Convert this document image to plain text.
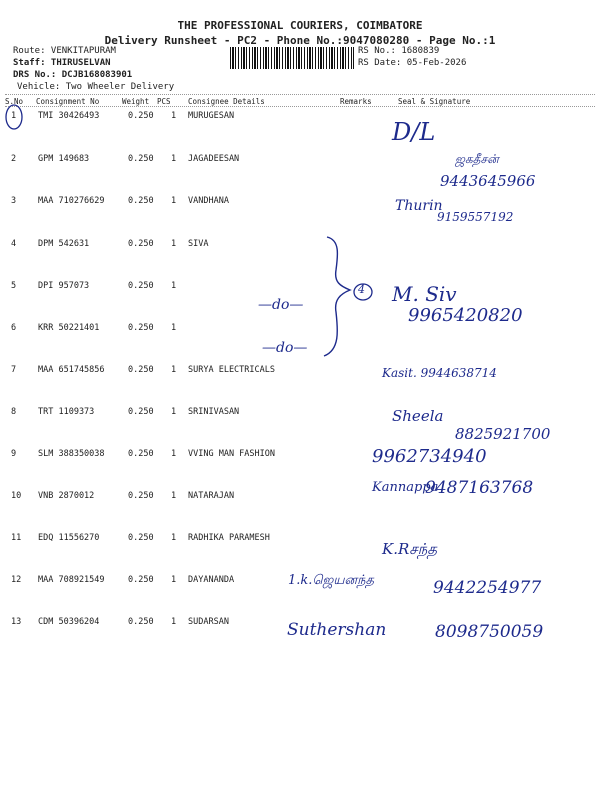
THE PROFESSIONAL COURIERS, COIMBATORE
Delivery Runsheet - PC2 - Phone No.:9047080280 - Page No.:1
Route: VENKITAPURAM
Staff: THIRUSELVAN
DRS No.: DCJB168083901
Vehicle: Two Wheeler Delivery
RS No.: 1680839
RS Date: 05-Feb-2026
S.No Consignment No	Weight PCS Consignee Details	Remarks	Seal & Signature
1	TMI 30426493	0.250 1 MURUGESAN
2	GPM 149683	0.250 1 JAGADEESAN
3	MAA 710276629	0.250 1 VANDHANA
4	DPM 542631	0.250 1 SIVA
5	DPI 957073	0.250 1
6	KRR 50221401	0.250 1
7	MAA 651745856	0.250 1 SURYA ELECTRICALS
8	TRT 1109373	0.250 1 SRINIVASAN
9	SLM 388350038	0.250 1 VVING MAN FASHION
10 VNB 2870012	0.250 1 NATARAJAN
11 EDQ 11556270	0.250 1 RADHIKA PARAMESH
12 MAA 708921549	0.250 1 DAYANANDA
13 CDM 50396204	0.250 1 SUDARSAN
4
—do—
—do—
D/L
ஜகதீசன்
9443645966
Thurin
9159557192
M. Siv
9965420820
Kasit. 9944638714
Sheela
8825921700
9962734940
Kannappa
9487163768
K.Rசந்த
1.k.ஜெயனந்த	9442254977
Suthershan	8098750059
